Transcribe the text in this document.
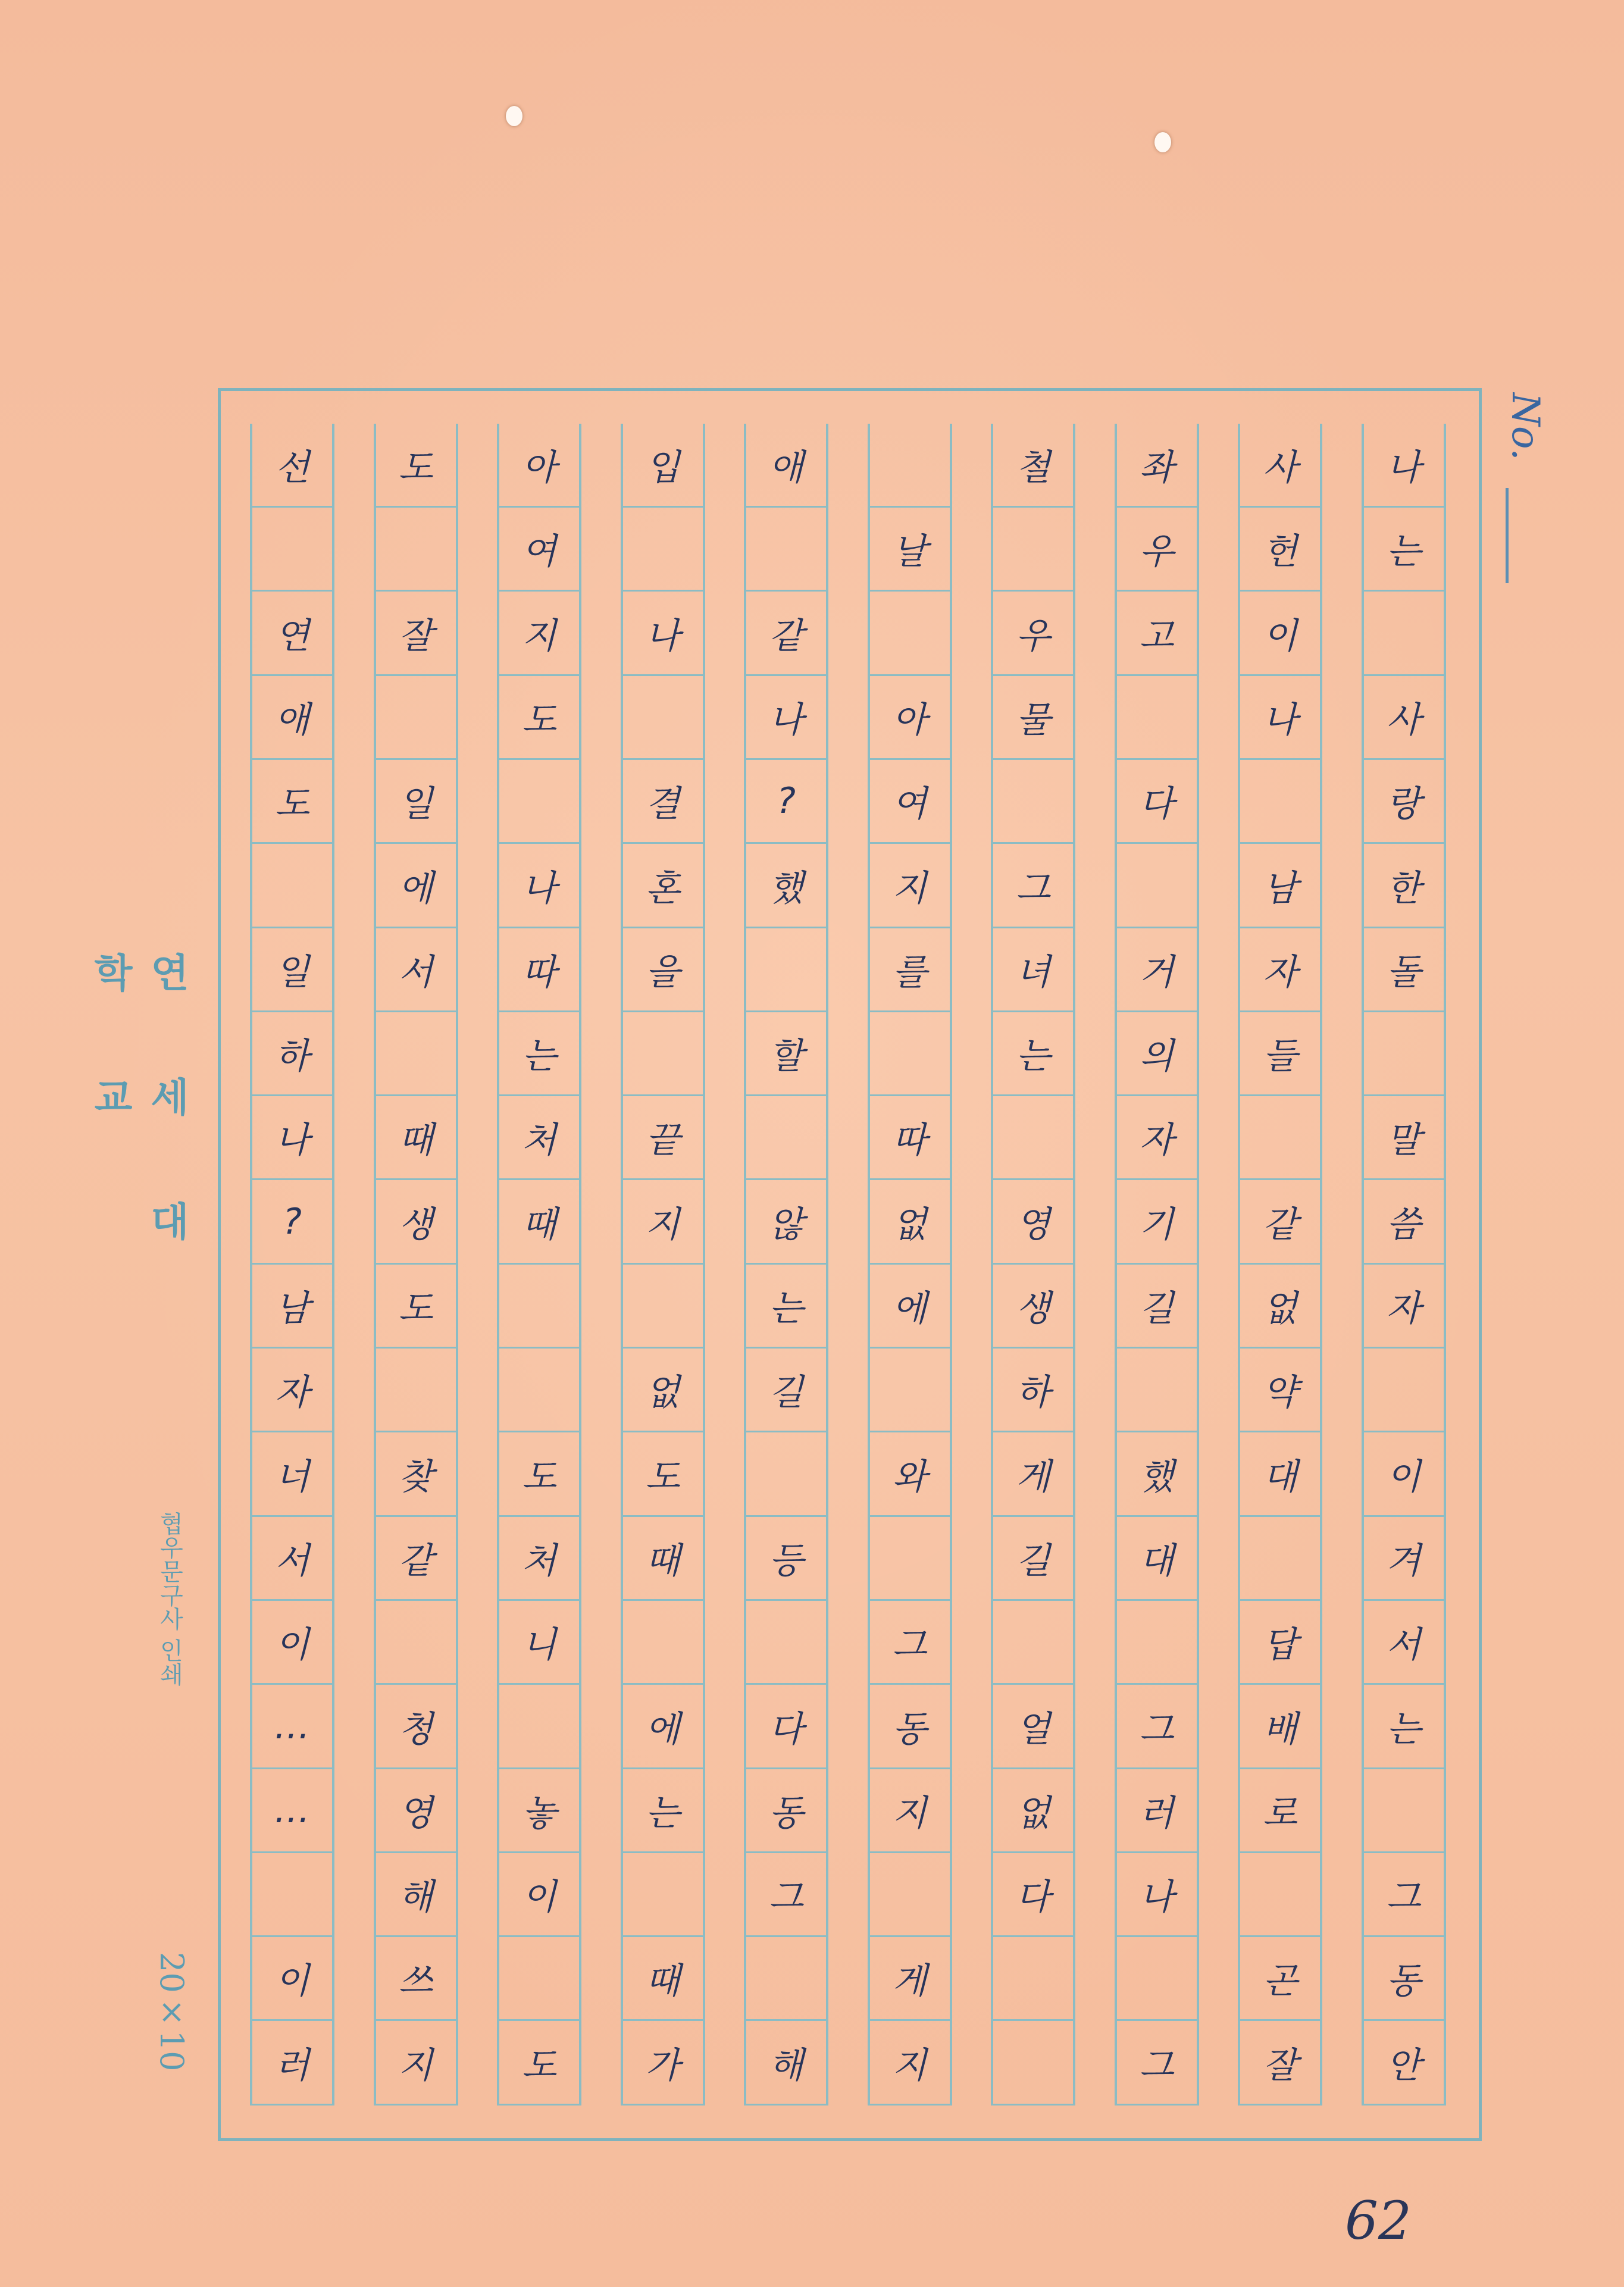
No.
나
는
사
랑
한
돌
말
씀
자
이
겨
서
는
그
동
안
사
헌
이
나
남
자
들
같
없
약
대
답
배
로
곤
잘
좌
우
고
다
거
의
자
기
길
했
대
그
러
나
그
철
우
물
그
녀
는
영
생
하
게
길
얼
없
다
날
아
여
지
를
따
없
에
와
그
동
지
게
지
애
같
나
?
했
할
않
는
길
등
다
동
그
해
입
나
결
혼
을
끝
지
없
도
때
에
는
때
가
아
여
지
도
나
따
는
처
때
도
처
니
놓
이
도
도
잘
일
에
서
때
생
도
찾
같
청
영
해
쓰
지
선
연
애
도
일
하
나
?
남
자
너
서
이
…
…
이
러
연 세 대 학 교
협우문구사 인쇄
20×10
62
